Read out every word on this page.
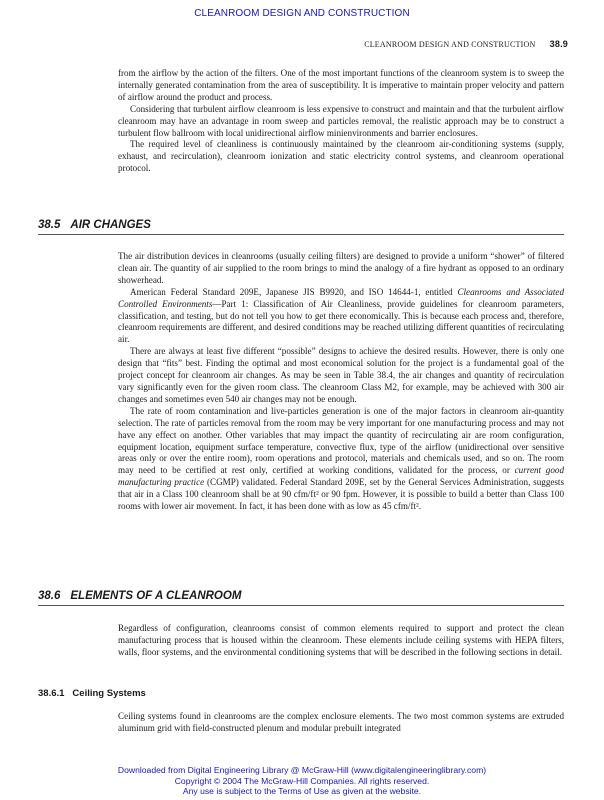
CLEANROOM DESIGN AND CONSTRUCTION
CLEANROOM DESIGN AND CONSTRUCTION 38.9

from the airflow by the action of the filters. One of the most important functions of the cleanroom system is to sweep the internally generated contamination from the area of susceptibility. It is imperative to maintain proper velocity and pattern of airflow around the product and process.

Considering that turbulent airflow cleanroom is less expensive to construct and maintain and that the turbulent airflow cleanroom may have an advantage in room sweep and particles removal, the realistic approach may be to construct a turbulent flow ballroom with local unidirectional airflow minienvironments and barrier enclosures.

The required level of cleanliness is continuously maintained by the cleanroom air-conditioning systems (supply, exhaust, and recirculation), cleanroom ionization and static electricity control systems, and cleanroom operational protocol.

38.5 AIR CHANGES

The air distribution devices in cleanrooms (usually ceiling filters) are designed to provide a uniform “shower” of filtered clean air. The quantity of air supplied to the room brings to mind the analogy of a fire hydrant as opposed to an ordinary showerhead.

American Federal Standard 209E, Japanese JIS B9920, and ISO 14644-1, entitled Cleanrooms and Associated Controlled Environments—Part 1: Classification of Air Cleanliness, provide guidelines for cleanroom parameters, classification, and testing, but do not tell you how to get there economically. This is because each process and, therefore, cleanroom requirements are different, and desired conditions may be reached utilizing different quantities of recirculating air.

There are always at least five different “possible” designs to achieve the desired results. However, there is only one design that “fits” best. Finding the optimal and most economical solution for the project is a fundamental goal of the project concept for cleanroom air changes. As may be seen in Table 38.4, the air changes and quantity of recirculation vary significantly even for the given room class. The cleanroom Class M2, for example, may be achieved with 300 air changes and sometimes even 540 air changes may not be enough.

The rate of room contamination and live-particles generation is one of the major factors in cleanroom air-quantity selection. The rate of particles removal from the room may be very important for one manufacturing process and may not have any effect on another. Other variables that may impact the quantity of recirculating air are room configuration, equipment location, equipment surface temperature, convective flux, type of the airflow (unidirectional over sensitive areas only or over the entire room), room operations and protocol, materials and chemicals used, and so on. The room may need to be certified at rest only, certified at working conditions, validated for the process, or current good manufacturing practice (CGMP) validated. Federal Standard 209E, set by the General Services Administration, suggests that air in a Class 100 cleanroom shall be at 90 cfm/ft² or 90 fpm. However, it is possible to build a better than Class 100 rooms with lower air movement. In fact, it has been done with as low as 45 cfm/ft².

38.6 ELEMENTS OF A CLEANROOM

Regardless of configuration, cleanrooms consist of common elements required to support and protect the clean manufacturing process that is housed within the cleanroom. These elements include ceiling systems with HEPA filters, walls, floor systems, and the environmental conditioning systems that will be described in the following sections in detail.

38.6.1 Ceiling Systems

Ceiling systems found in cleanrooms are the complex enclosure elements. The two most common systems are extruded aluminum grid with field-constructed plenum and modular prebuilt integrated

Downloaded from Digital Engineering Library @ McGraw-Hill (www.digitalengineeringlibrary.com)
Copyright © 2004 The McGraw-Hill Companies. All rights reserved.
Any use is subject to the Terms of Use as given at the website.
